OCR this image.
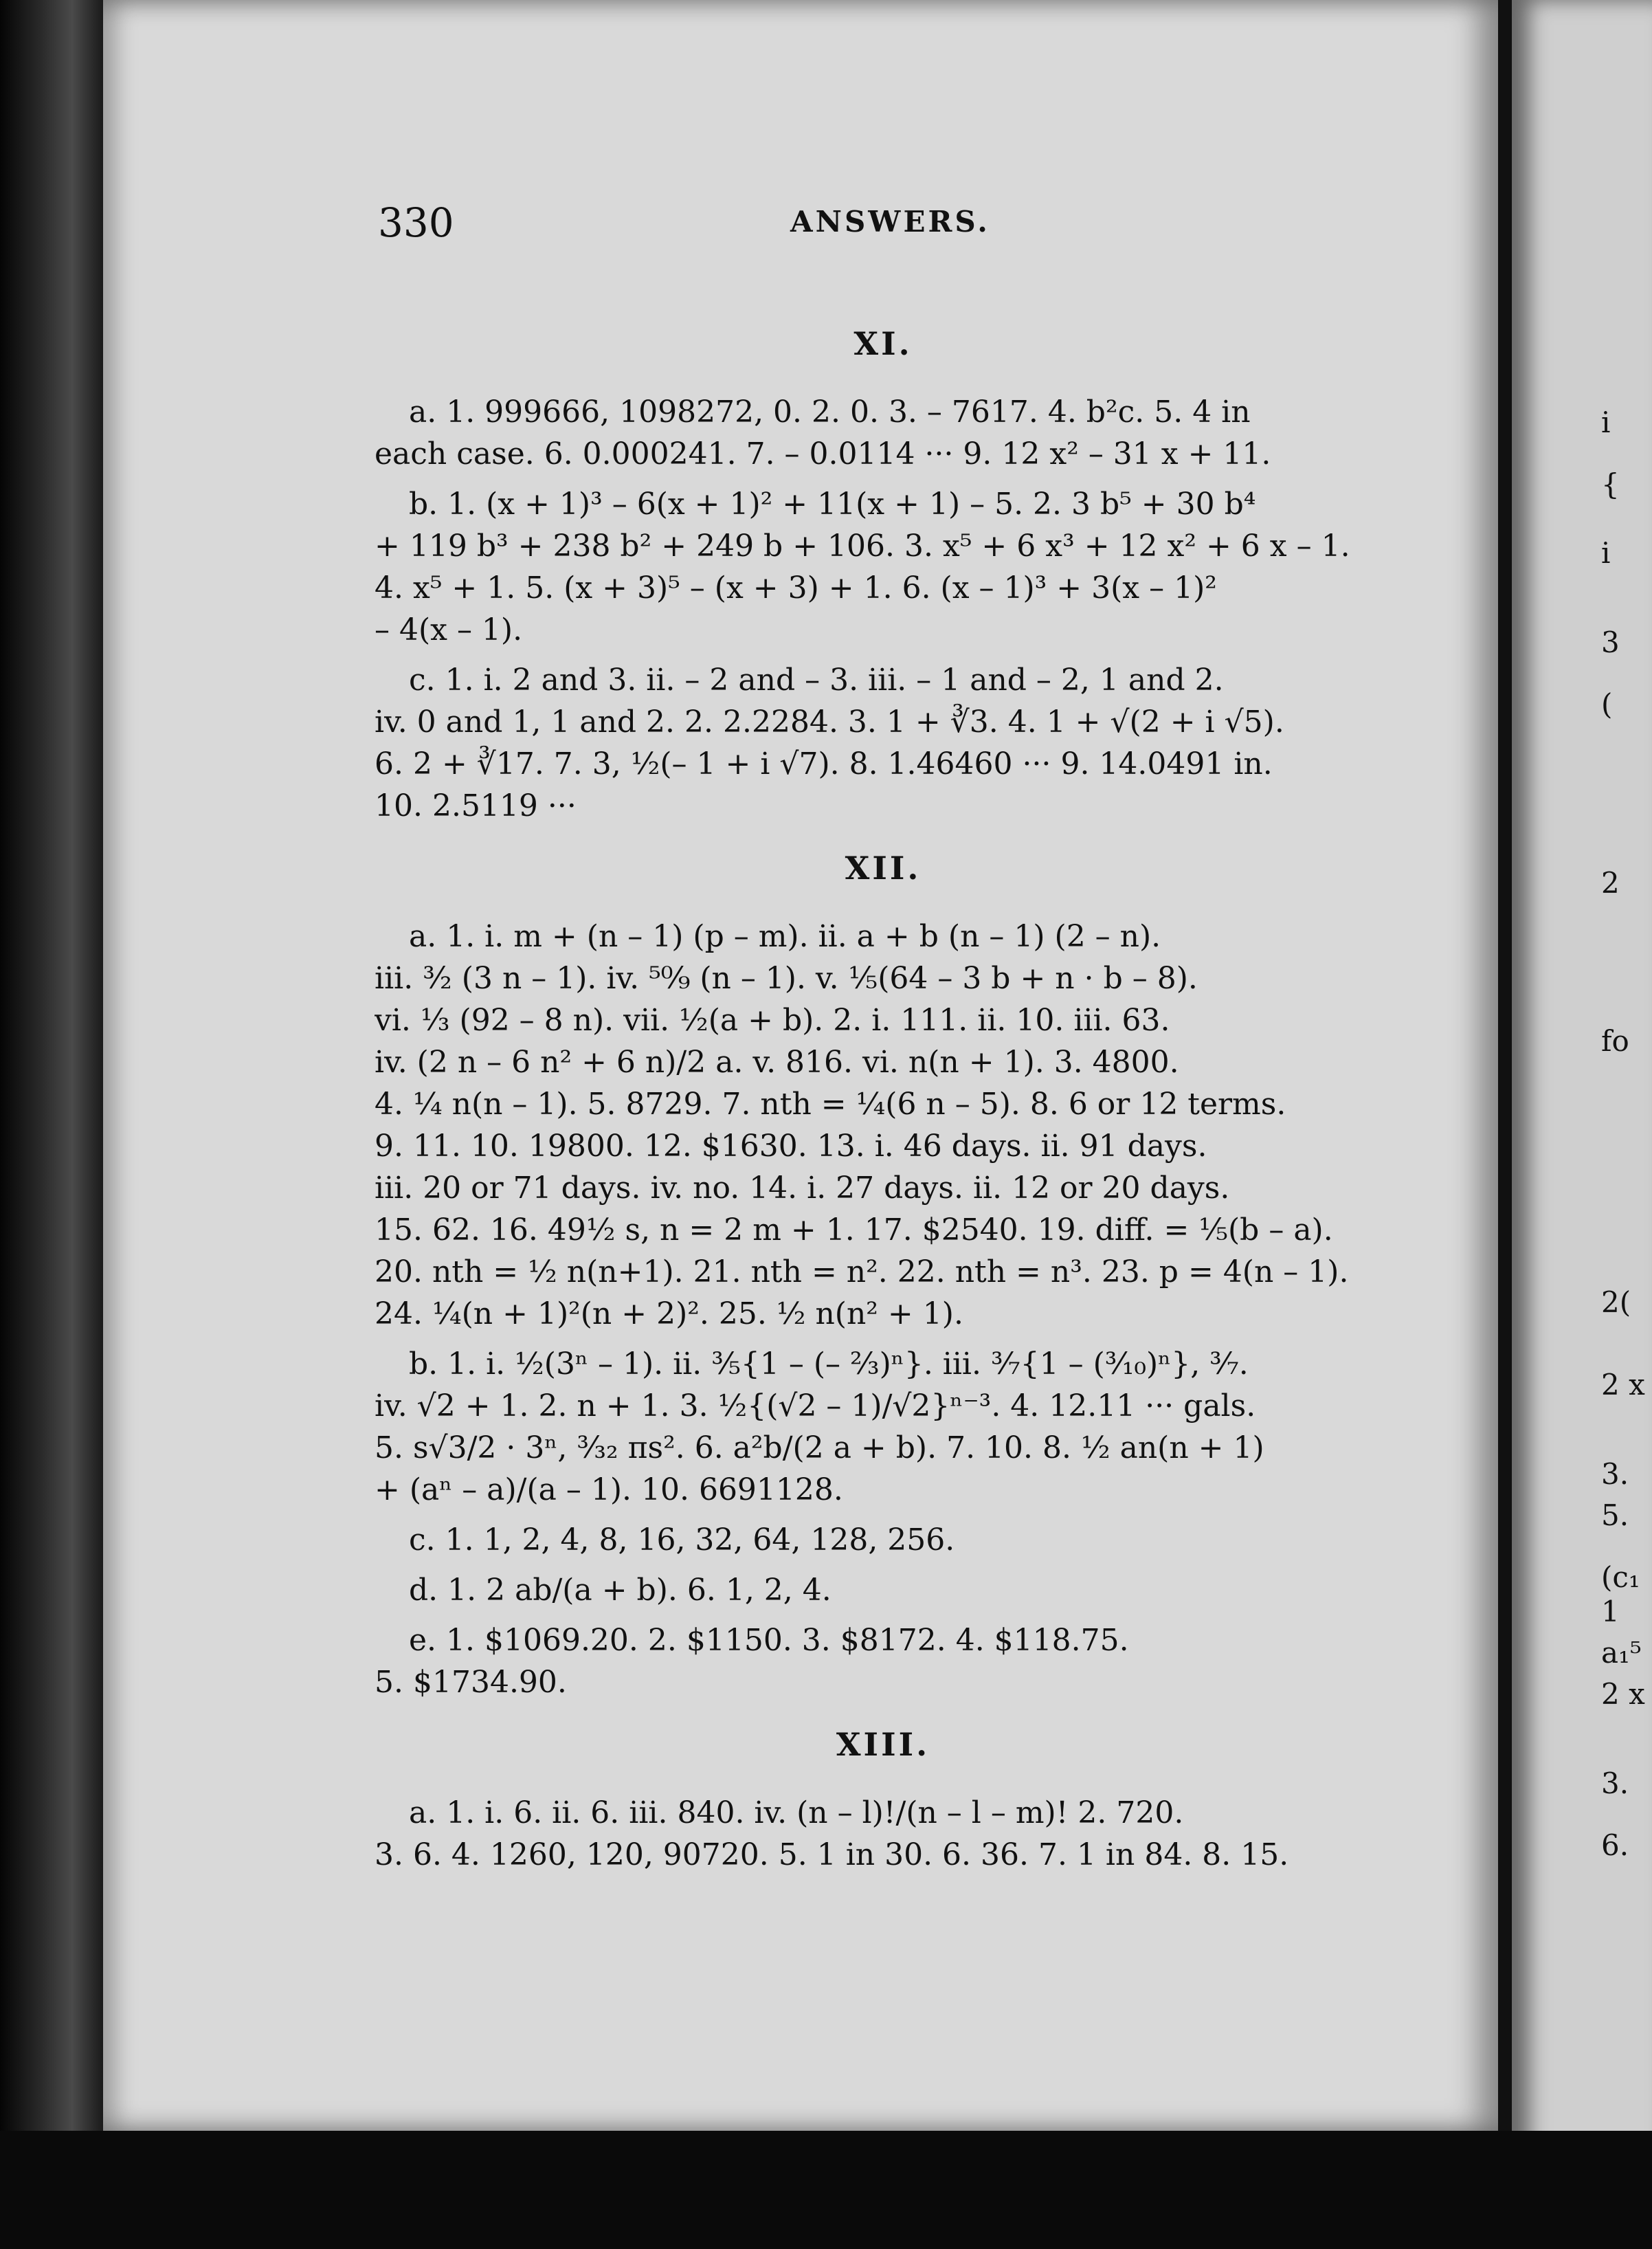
330	ANSWERS.
XI.
a. 1. 999666, 1098272, 0. 2. 0. 3. – 7617. 4. b²c. 5. 4 in
each case. 6. 0.000241. 7. – 0.0114 ··· 9. 12 x² – 31 x + 11.
b. 1. (x + 1)³ – 6(x + 1)² + 11(x + 1) – 5. 2. 3 b⁵ + 30 b⁴
+ 119 b³ + 238 b² + 249 b + 106. 3. x⁵ + 6 x³ + 12 x² + 6 x – 1.
4. x⁵ + 1. 5. (x + 3)⁵ – (x + 3) + 1. 6. (x – 1)³ + 3(x – 1)²
– 4(x – 1).
c. 1. i. 2 and 3. ii. – 2 and – 3. iii. – 1 and – 2, 1 and 2.
iv. 0 and 1, 1 and 2. 2. 2.2284. 3. 1 + ∛3. 4. 1 + √(2 + i √5).
6. 2 + ∛17. 7. 3, ½(– 1 + i √7). 8. 1.46460 ··· 9. 14.0491 in.
10. 2.5119 ···
XII.
a. 1. i. m + (n – 1) (p – m). ii. a + b (n – 1) (2 – n).
iii. ³⁄₂ (3 n – 1). iv. ⁵⁰⁄₉ (n – 1). v. ⅕(64 – 3 b + n · b – 8).
vi. ⅓ (92 – 8 n). vii. ½(a + b). 2. i. 111. ii. 10. iii. 63.
iv. (2 n – 6 n² + 6 n)/2 a. v. 816. vi. n(n + 1). 3. 4800.
4. ¼ n(n – 1). 5. 8729. 7. nth = ¼(6 n – 5). 8. 6 or 12 terms.
9. 11. 10. 19800. 12. $1630. 13. i. 46 days. ii. 91 days.
iii. 20 or 71 days. iv. no. 14. i. 27 days. ii. 12 or 20 days.
15. 62. 16. 49½ s, n = 2 m + 1. 17. $2540. 19. diff. = ⅕(b – a).
20. nth = ½ n(n+1). 21. nth = n². 22. nth = n³. 23. p = 4(n – 1).
24. ¼(n + 1)²(n + 2)². 25. ½ n(n² + 1).
b. 1. i. ½(3ⁿ – 1). ii. ⅗{1 – (– ⅔)ⁿ}. iii. ³⁄₇{1 – (³⁄₁₀)ⁿ}, ³⁄₇.
iv. √2 + 1. 2. n + 1. 3. ½{(√2 – 1)/√2}ⁿ⁻³. 4. 12.11 ··· gals.
5. s√3/2 · 3ⁿ, ³⁄₃₂ πs². 6. a²b/(2 a + b). 7. 10. 8. ½ an(n + 1)
+ (aⁿ – a)/(a – 1). 10. 6691128.
c. 1. 1, 2, 4, 8, 16, 32, 64, 128, 256.
d. 1. 2 ab/(a + b). 6. 1, 2, 4.
e. 1. $1069.20. 2. $1150. 3. $8172. 4. $118.75.
5. $1734.90.
XIII.
a. 1. i. 6. ii. 6. iii. 840. iv. (n – l)!/(n – l – m)! 2. 720.
3. 6. 4. 1260, 120, 90720. 5. 1 in 30. 6. 36. 7. 1 in 84. 8. 15.
i
{
i
3
(
2
fo
2(
2 x
3.
5.
(c₁
1
a₁⁵
2 x
3.
6.
